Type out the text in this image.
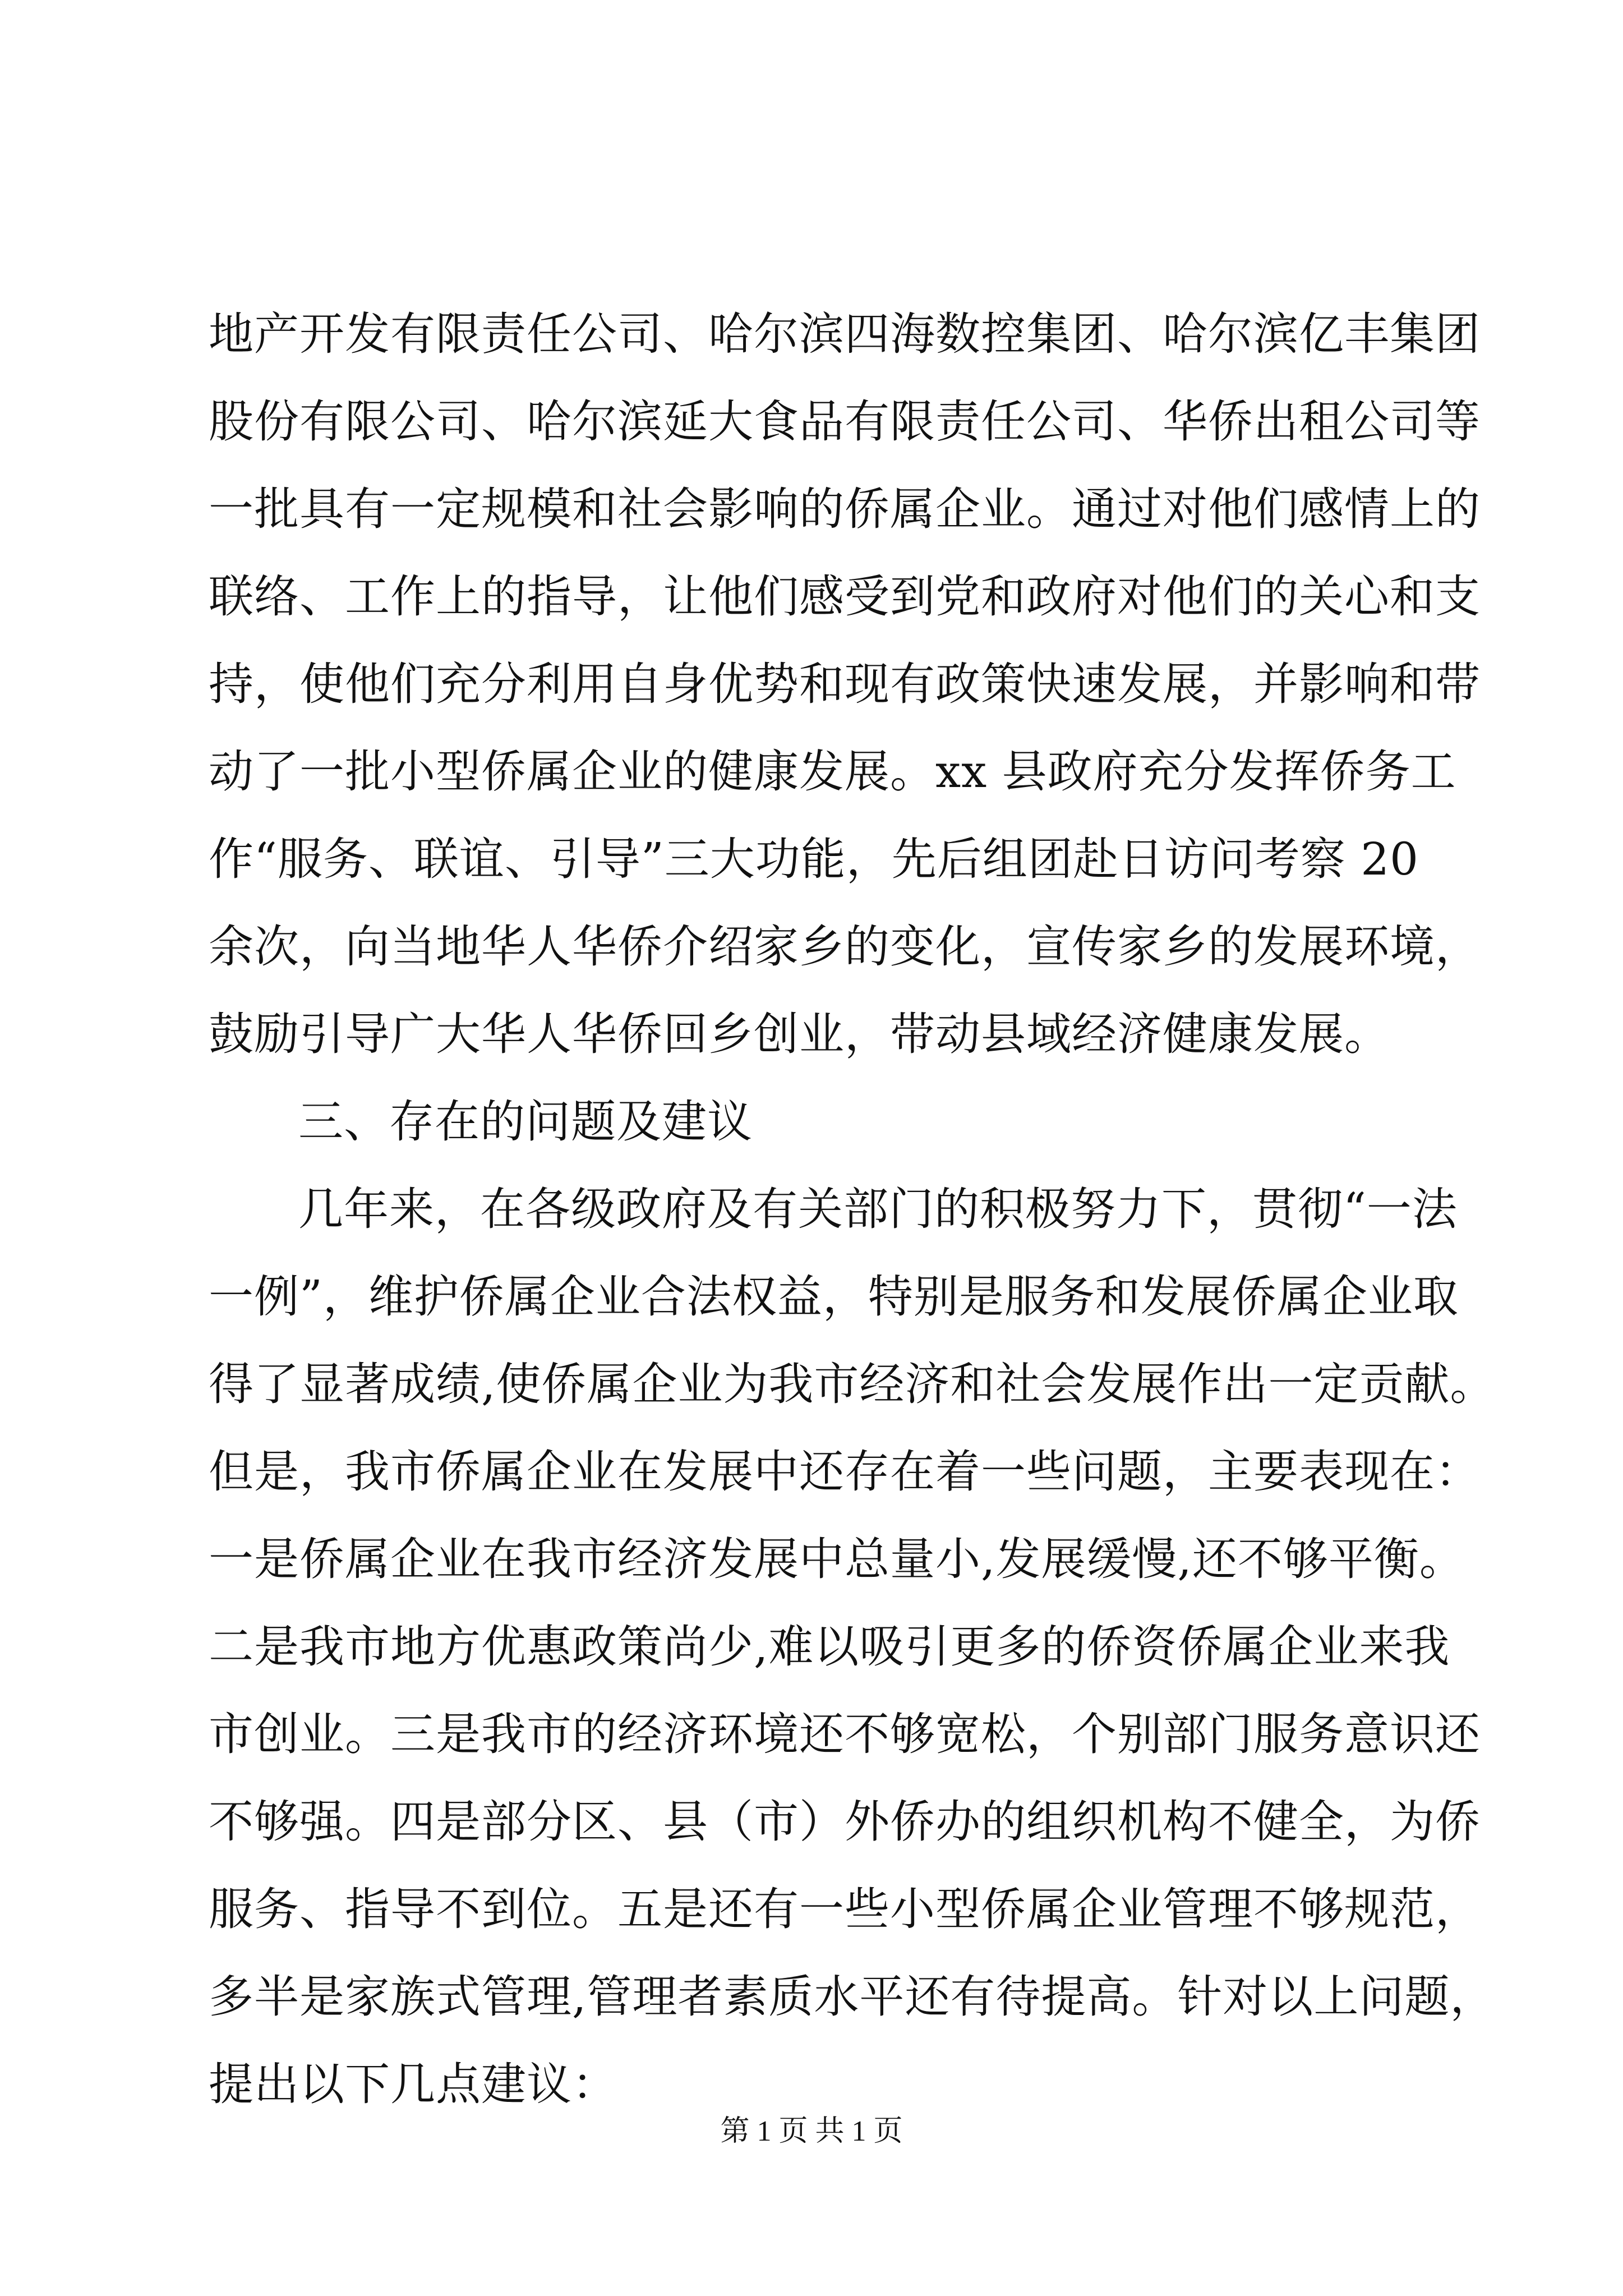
地产开发有限责任公司、哈尔滨四海数控集团、哈尔滨亿丰集团
股份有限公司、哈尔滨延大食品有限责任公司、华侨出租公司等
一批具有一定规模和社会影响的侨属企业。通过对他们感情上的
联络、工作上的指导，让他们感受到党和政府对他们的关心和支
持，使他们充分利用自身优势和现有政策快速发展，并影响和带
动了一批小型侨属企业的健康发展。xx 县政府充分发挥侨务工
作“服务、联谊、引导”三大功能，先后组团赴日访问考察 20
余次，向当地华人华侨介绍家乡的变化，宣传家乡的发展环境，
鼓励引导广大华人华侨回乡创业，带动县域经济健康发展。
三、存在的问题及建议
几年来，在各级政府及有关部门的积极努力下，贯彻“一法
一例”，维护侨属企业合法权益，特别是服务和发展侨属企业取
得了显著成绩,使侨属企业为我市经济和社会发展作出一定贡献。
但是，我市侨属企业在发展中还存在着一些问题，主要表现在：
一是侨属企业在我市经济发展中总量小,发展缓慢,还不够平衡。
二是我市地方优惠政策尚少,难以吸引更多的侨资侨属企业来我
市创业。三是我市的经济环境还不够宽松，个别部门服务意识还
不够强。四是部分区、县（市）外侨办的组织机构不健全，为侨
服务、指导不到位。五是还有一些小型侨属企业管理不够规范，
多半是家族式管理,管理者素质水平还有待提高。针对以上问题，
提出以下几点建议：
第 1 页 共 1 页
